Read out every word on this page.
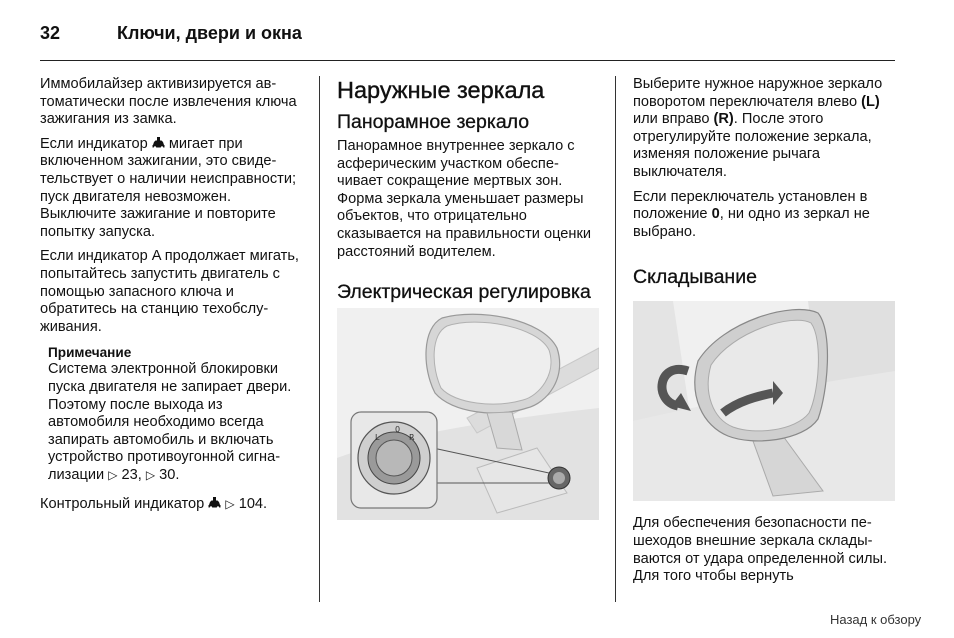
32	Ключи, двери и окна

Иммобилайзер активизируется автоматически после извлечения ключа зажигания из замка.

Если индикатор мигает при включенном зажигании, это свидетельствует о наличии неисправности; пуск двигателя невозможен. Выключите зажигание и повторите попытку запуска.

Если индикатор A продолжает мигать, попытайтесь запустить двигатель с помощью запасного ключа и обратитесь на станцию техобслуживания.

Примечание
Система электронной блокировки пуска двигателя не запирает двери. Поэтому после выхода из автомобиля необходимо всегда запирать автомобиль и включать устройство противоугонной сигнализации ▷ 23, ▷ 30.

Контрольный индикатор ▷ 104.

Наружные зеркала
Панорамное зеркало

Панорамное внутреннее зеркало с асферическим участком обеспечивает сокращение мертвых зон. Форма зеркала уменьшает размеры объектов, что отрицательно сказывается на правильности оценки расстояний водителем.

Электрическая регулировка
L
0
R

Выберите нужное наружное зеркало поворотом переключателя влево (L) или вправо (R). После этого отрегулируйте положение зеркала, изменяя положение рычага выключателя.

Если переключатель установлен в положение 0, ни одно из зеркал не выбрано.

Складывание

Для обеспечения безопасности пешеходов внешние зеркала складываются от удара определенной силы. Для того чтобы вернуть

Назад к обзору
